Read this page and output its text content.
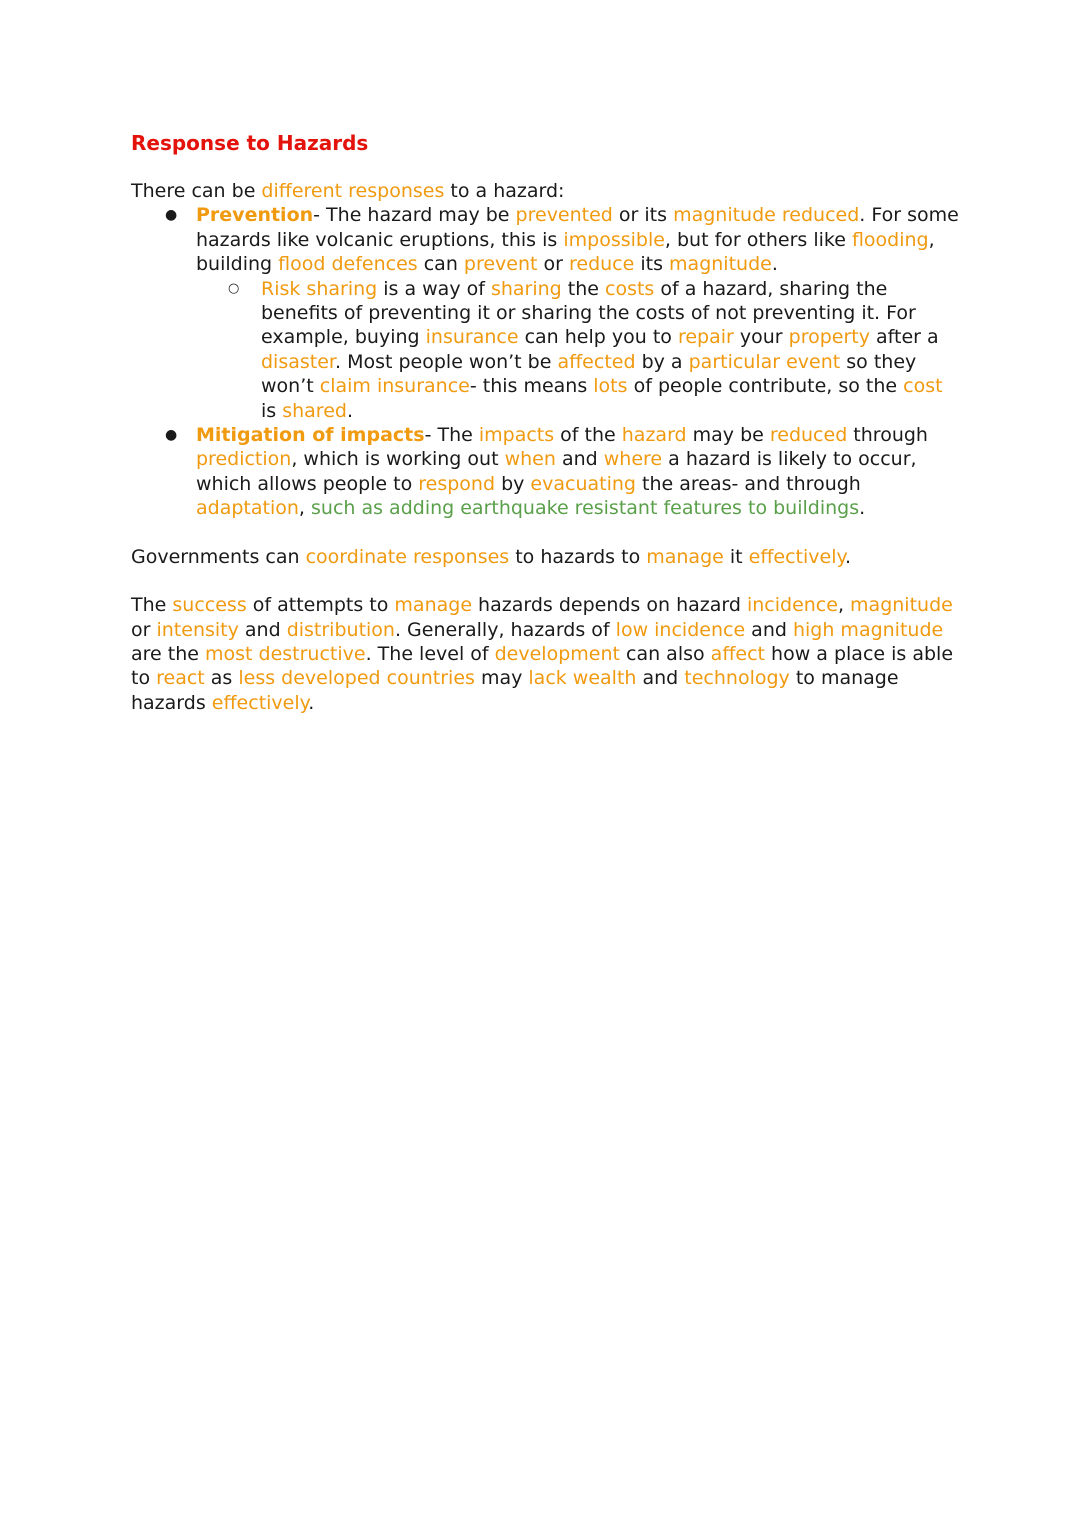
Response to Hazards

There can be different responses to a hazard:

● Prevention- The hazard may be prevented or its magnitude reduced. For some hazards like volcanic eruptions, this is impossible, but for others like flooding, building flood defences can prevent or reduce its magnitude.
○ Risk sharing is a way of sharing the costs of a hazard, sharing the benefits of preventing it or sharing the costs of not preventing it. For example, buying insurance can help you to repair your property after a disaster. Most people won’t be affected by a particular event so they won’t claim insurance- this means lots of people contribute, so the cost is shared.
● Mitigation of impacts- The impacts of the hazard may be reduced through prediction, which is working out when and where a hazard is likely to occur, which allows people to respond by evacuating the areas- and through adaptation, such as adding earthquake resistant features to buildings.

Governments can coordinate responses to hazards to manage it effectively.

The success of attempts to manage hazards depends on hazard incidence, magnitude or intensity and distribution. Generally, hazards of low incidence and high magnitude are the most destructive. The level of development can also affect how a place is able to react as less developed countries may lack wealth and technology to manage hazards effectively.
